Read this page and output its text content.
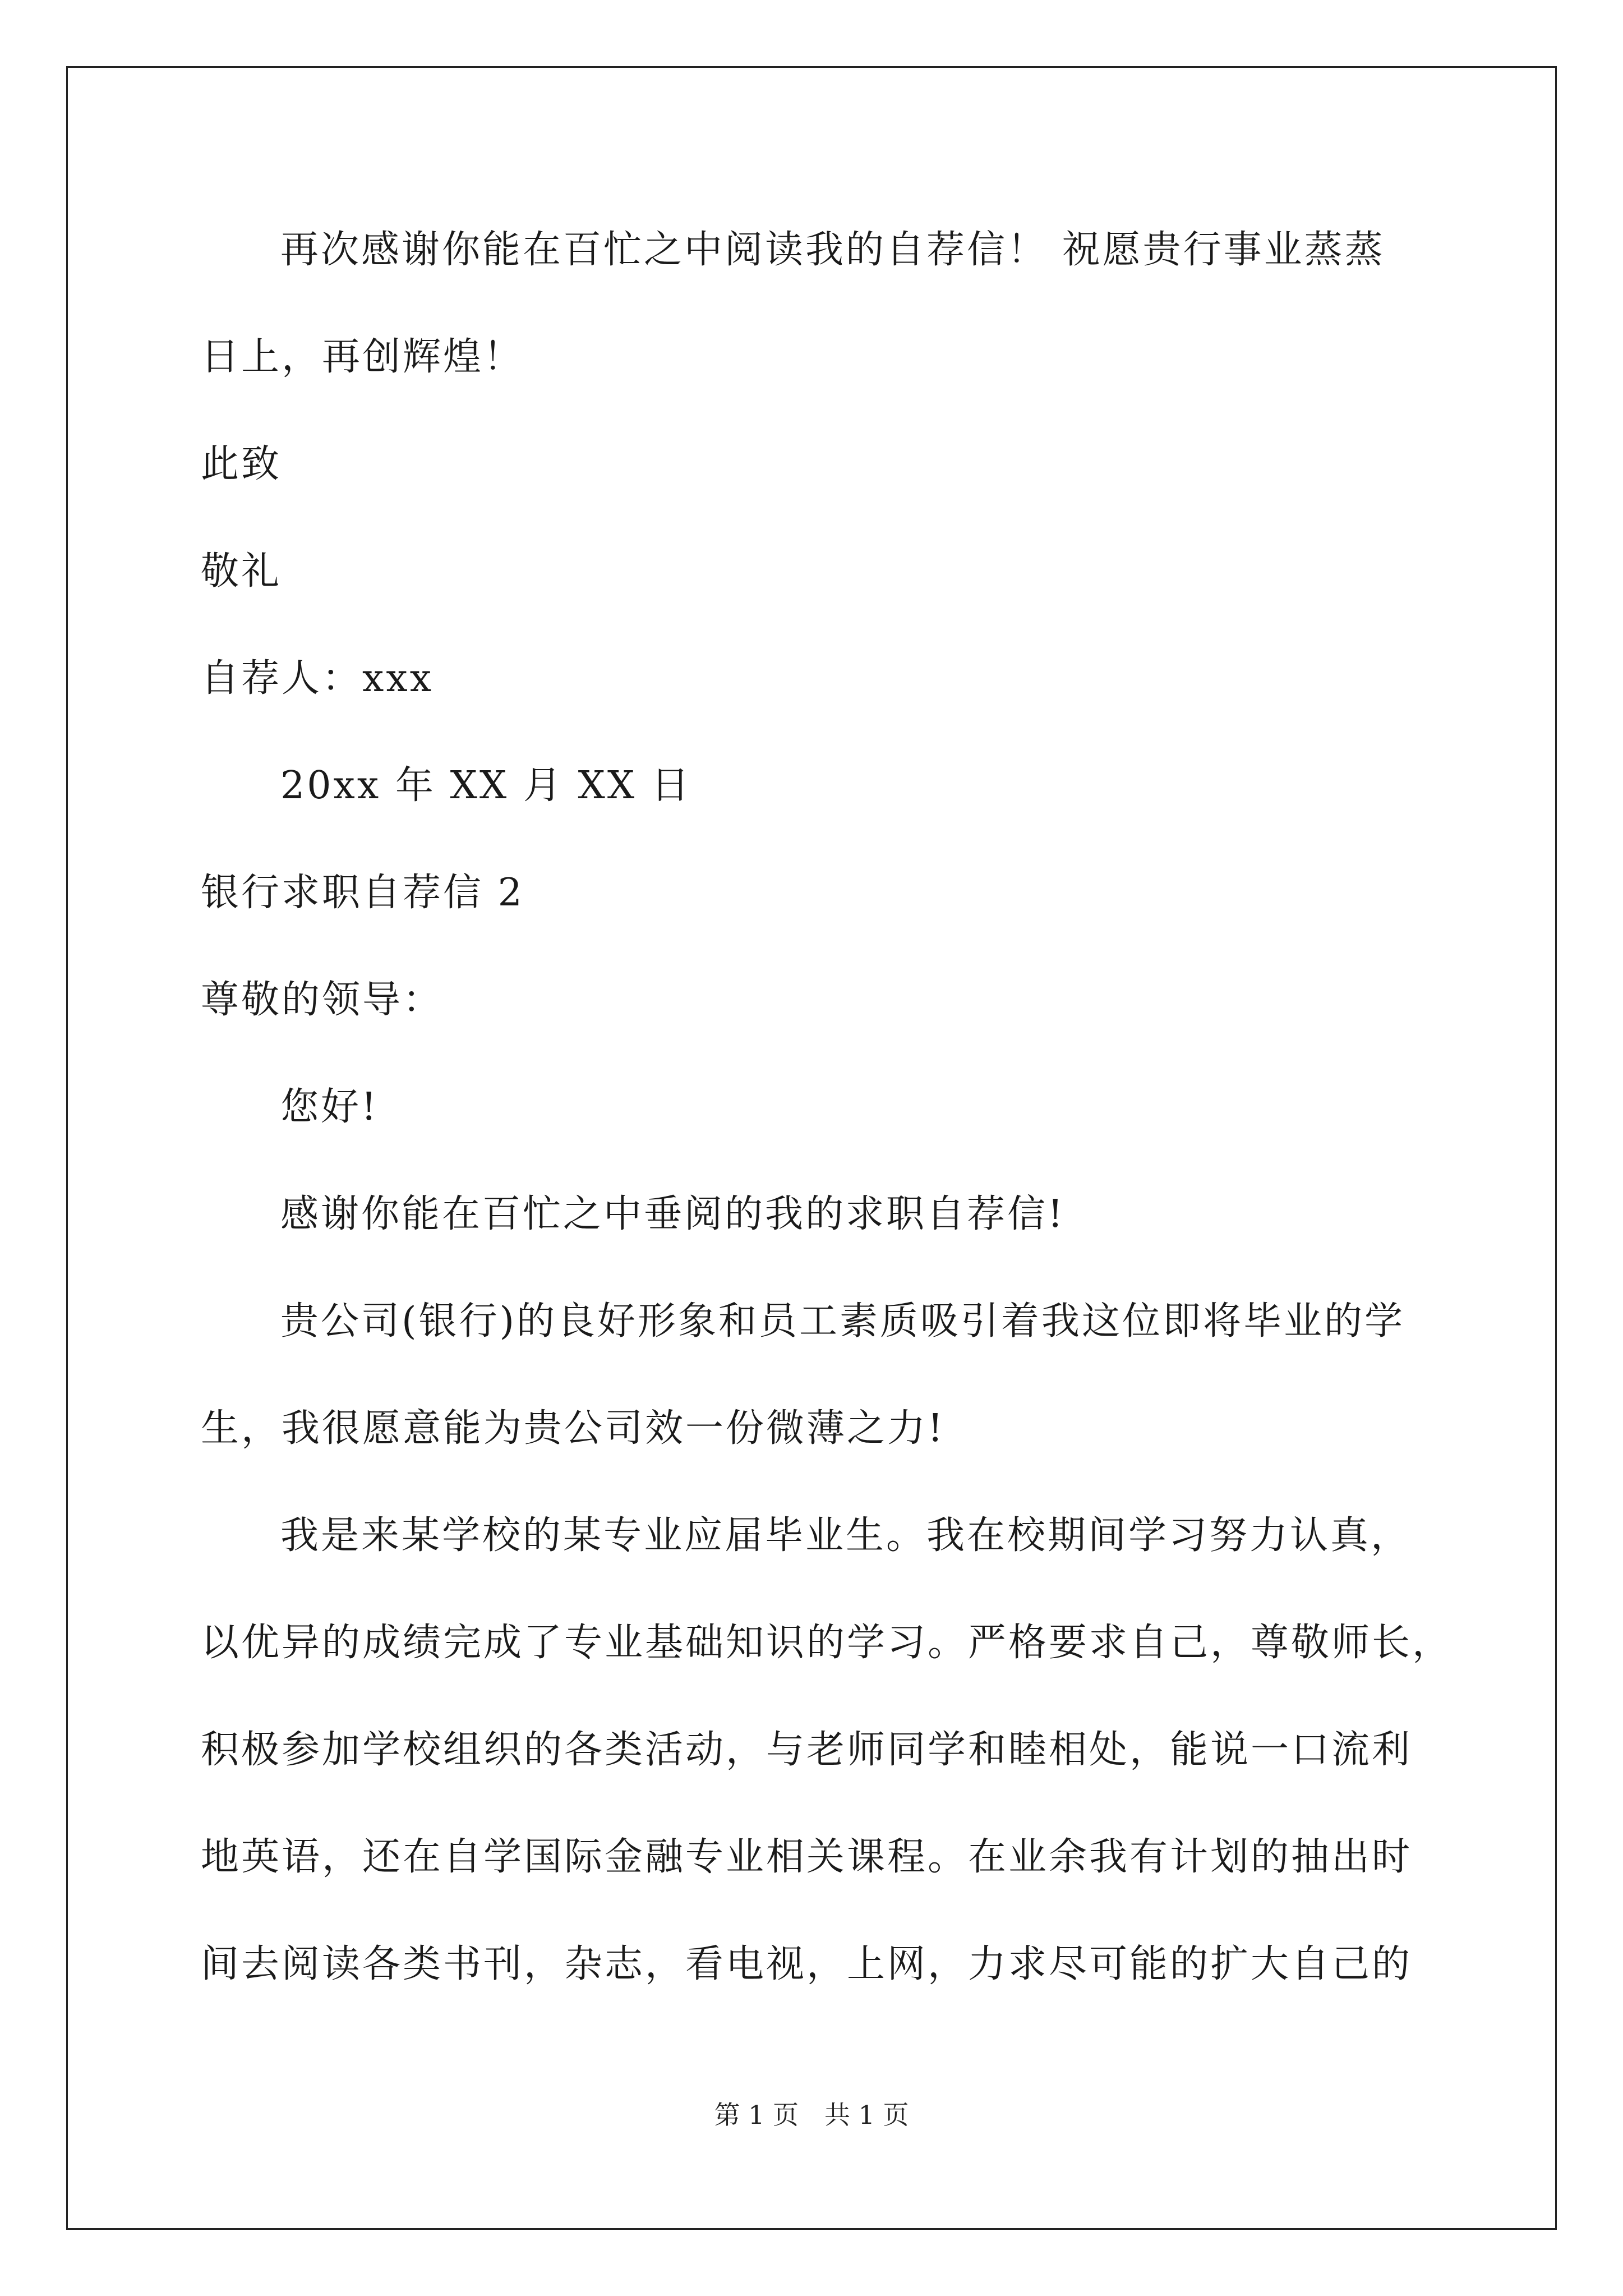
再次感谢你能在百忙之中阅读我的自荐信！ 祝愿贵行事业蒸蒸
日上，再创辉煌！
此致
敬礼
自荐人：xxx
20xx 年 XX 月 XX 日
银行求职自荐信 2
尊敬的领导：
您好!
感谢你能在百忙之中垂阅的我的求职自荐信!
贵公司(银行)的良好形象和员工素质吸引着我这位即将毕业的学
生，我很愿意能为贵公司效一份微薄之力!
我是来某学校的某专业应届毕业生。我在校期间学习努力认真，
以优异的成绩完成了专业基础知识的学习。严格要求自己，尊敬师长，
积极参加学校组织的各类活动，与老师同学和睦相处，能说一口流利
地英语，还在自学国际金融专业相关课程。在业余我有计划的抽出时
间去阅读各类书刊，杂志，看电视，上网，力求尽可能的扩大自己的
第 1 页　共 1 页
